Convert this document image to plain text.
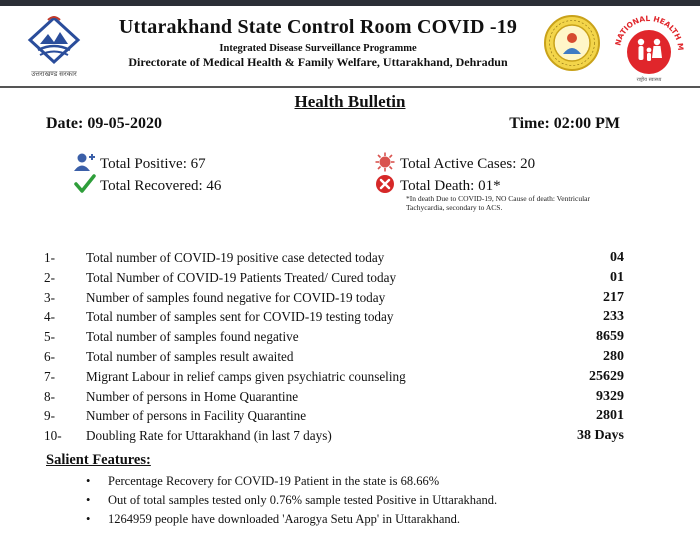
उत्तराखण्ड सरकार
Uttarakhand State Control Room COVID -19
Integrated Disease Surveillance Programme
Directorate of Medical Health & Family Welfare, Uttarakhand, Dehradun
NATIONAL HEALTH M
राष्ट्रीय स्वास्थ्य
Health Bulletin
Date: 09-05-2020	Time: 02:00 PM
Total Positive: 67
Total Recovered: 46
Total Active Cases: 20
Total Death: 01*
*In death Due to COVID-19, NO Cause of death: Ventricular Tachycardia, secondary to ACS.
1- Total number of COVID-19 positive case detected today	04
2- Total Number of COVID-19 Patients Treated/ Cured today	01
3- Number of samples found negative for COVID-19 today	217
4- Total number of samples sent for COVID-19 testing today	233
5- Total number of samples found negative	8659
6- Total number of samples result awaited	280
7- Migrant Labour in relief camps given psychiatric counseling	25629
8- Number of persons in Home Quarantine	9329
9- Number of persons in Facility Quarantine	2801
10- Doubling Rate for Uttarakhand (in last 7 days)	38 Days
Salient Features:
• Percentage Recovery for COVID-19 Patient in the state is 68.66%
• Out of total samples tested only 0.76% sample tested Positive in Uttarakhand.
• 1264959 people have downloaded 'Aarogya Setu App' in Uttarakhand.
